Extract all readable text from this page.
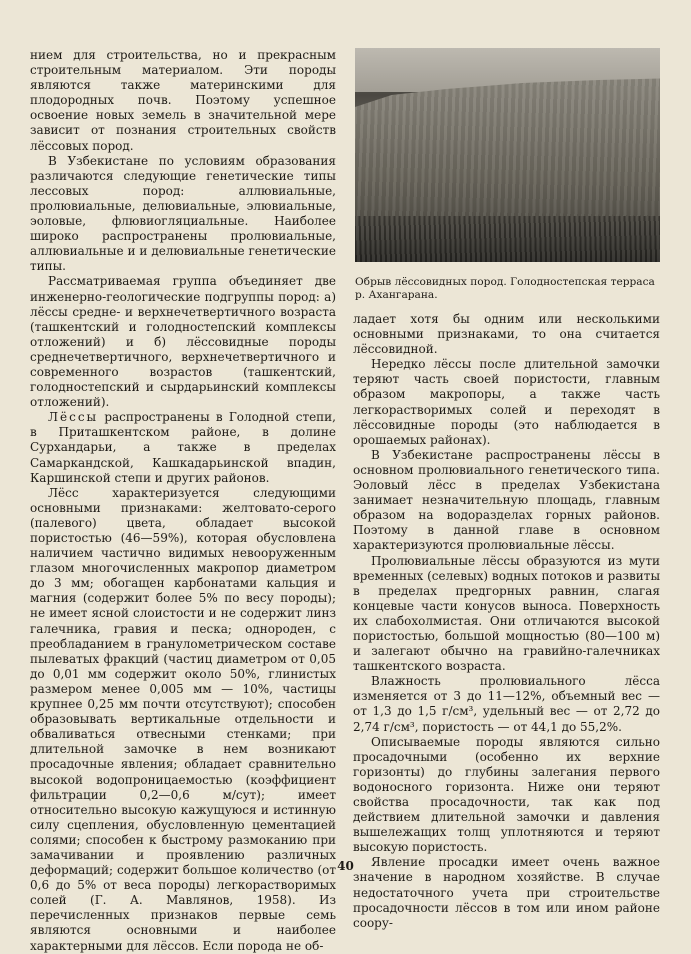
нием для строительства, но и прекрасным строительным материалом. Эти породы являются также материнскими для плодородных почв. Поэтому успешное освоение новых земель в значительной мере зависит от познания строительных свойств лёссовых пород.

В Узбекистане по условиям образования различаются следующие генетические типы лессовых пород: аллювиальные, пролювиальные, делювиальные, элювиальные, эоловые, флювиогляциальные. Наиболее широко распространены пролювиальные, аллювиальные и и делювиальные генетические типы.

Рассматриваемая группа объединяет две инженерно-геологические подгруппы пород: а) лёссы средне- и верхнечетвертичного возраста (ташкентский и голодностепский комплексы отложений) и б) лёссовидные породы среднечетвертичного, верхнечетвертичного и современного возрастов (ташкентский, голодностепский и сырдарьинский комплексы отложений).

Лёссы распространены в Голодной степи, в Приташкентском районе, в долине Сурхандарьи, а также в пределах Самаркандской, Кашкадарьинской впадин, Каршинской степи и других районов.

Лёсс характеризуется следующими основными признаками: желтовато-серого (палевого) цвета, обладает высокой пористостью (46—59%), которая обусловлена наличием частично видимых невооруженным глазом многочисленных макропор диаметром до 3 мм; обогащен карбонатами кальция и магния (содержит более 5% по весу породы); не имеет ясной слоистости и не содержит линз галечника, гравия и песка; однороден, с преобладанием в гранулометрическом составе пылеватых фракций (частиц диаметром от 0,05 до 0,01 мм содержит около 50%, глинистых размером менее 0,005 мм — 10%, частицы крупнее 0,25 мм почти отсутствуют); способен образовывать вертикальные отдельности и обваливаться отвесными стенками; при длительной замочке в нем возникают просадочные явления; обладает сравнительно высокой водопроницаемостью (коэффициент фильтрации 0,2—0,6 м/сут); имеет относительно высокую кажущуюся и истинную силу сцепления, обусловленную цементацией солями; способен к быстрому размоканию при замачивании и проявлению различных деформаций; содержит большое количество (от 0,6 до 5% от веса породы) легкорастворимых солей (Г. А. Мавлянов, 1958). Из перечисленных признаков первые семь являются основными и наиболее характерными для лёссов. Если порода не об-

Обрыв лёссовидных пород. Голодностепская терраса р. Ахангарана.

ладает хотя бы одним или несколькими основными признаками, то она считается лёссовидной.

Нередко лёссы после длительной замочки теряют часть своей пористости, главным образом макропоры, а также часть легкорастворимых солей и переходят в лёссовидные породы (это наблюдается в орошаемых районах).

В Узбекистане распространены лёссы в основном пролювиального генетического типа. Эоловый лёсс в пределах Узбекистана занимает незначительную площадь, главным образом на водоразделах горных районов. Поэтому в данной главе в основном характеризуются пролювиальные лёссы.

Пролювиальные лёссы образуются из мути временных (селевых) водных потоков и развиты в пределах предгорных равнин, слагая концевые части конусов выноса. Поверхность их слабохолмистая. Они отличаются высокой пористостью, большой мощностью (80—100 м) и залегают обычно на гравийно-галечниках ташкентского возраста.

Влажность пролювиального лёсса изменяется от 3 до 11—12%, объемный вес — от 1,3 до 1,5 г/см³, удельный вес — от 2,72 до 2,74 г/см³, пористость — от 44,1 до 55,2%.

Описываемые породы являются сильно просадочными (особенно их верхние горизонты) до глубины залегания первого водоносного горизонта. Ниже они теряют свойства просадочности, так как под действием длительной замочки и давления вышележащих толщ уплотняются и теряют высокую пористость.

Явление просадки имеет очень важное значение в народном хозяйстве. В случае недостаточного учета при строительстве просадочности лёссов в том или ином районе соору-

40
